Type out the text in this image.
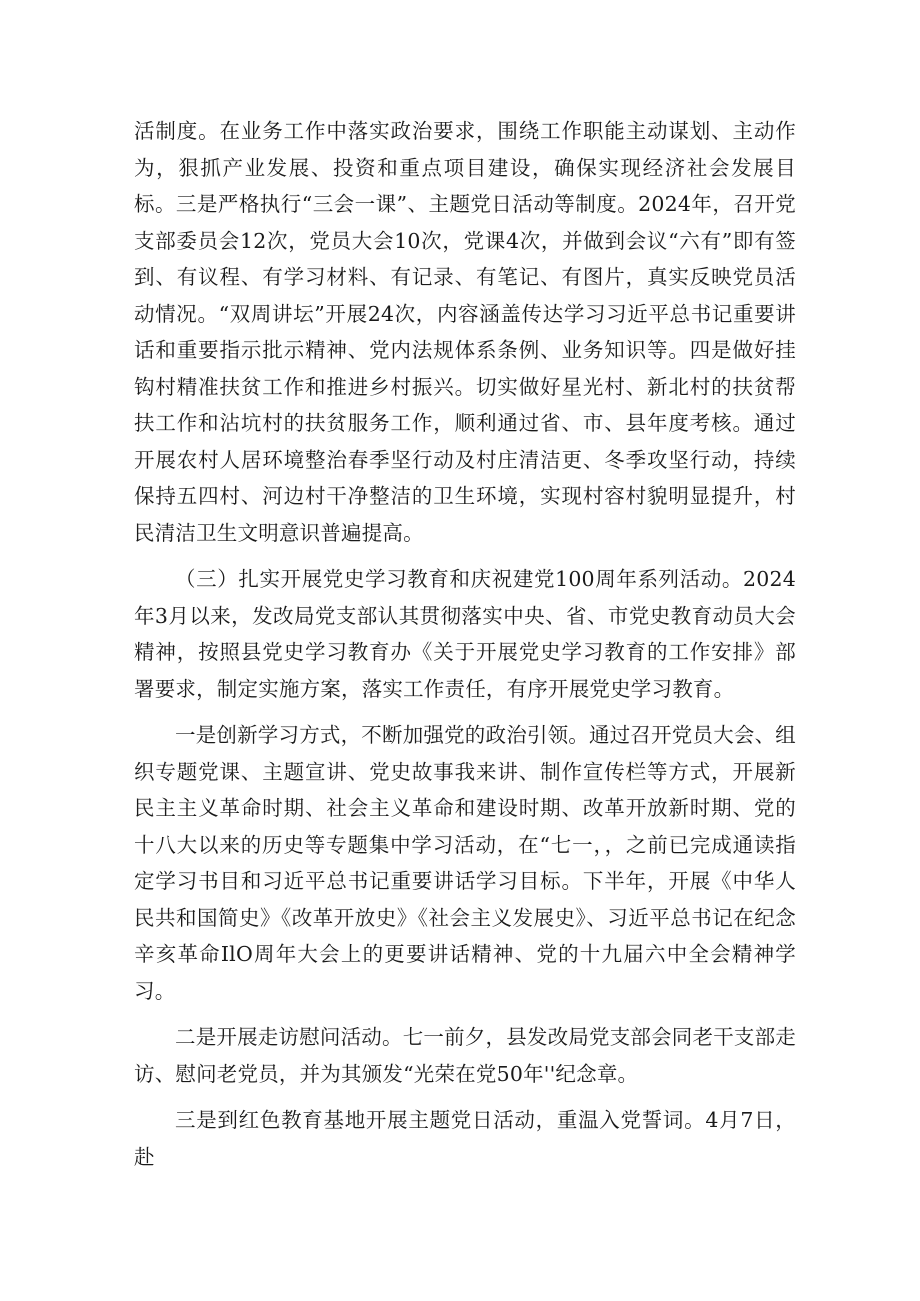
活制度。在业务工作中落实政治要求，围绕工作职能主动谋划、主动作为，狠抓产业发展、投资和重点项目建设，确保实现经济社会发展目标。三是严格执行“三会一课”、主题党日活动等制度。2024年，召开党支部委员会12次，党员大会10次，党课4次，并做到会议“六有”即有签到、有议程、有学习材料、有记录、有笔记、有图片，真实反映党员活动情况。“双周讲坛”开展24次，内容涵盖传达学习习近平总书记重要讲话和重要指示批示精神、党内法规体系条例、业务知识等。四是做好挂钩村精准扶贫工作和推进乡村振兴。切实做好星光村、新北村的扶贫帮扶工作和沾坑村的扶贫服务工作，顺利通过省、市、县年度考核。通过开展农村人居环境整治春季坚行动及村庄清洁更、冬季攻坚行动，持续保持五四村、河边村干净整洁的卫生环境，实现村容村貌明显提升，村民清洁卫生文明意识普遍提高。

（三）扎实开展党史学习教育和庆祝建党100周年系列活动。2024年3月以来，发改局党支部认其贯彻落实中央、省、市党史教育动员大会精神，按照县党史学习教育办《关于开展党史学习教育的工作安排》部署要求，制定实施方案，落实工作责任，有序开展党史学习教育。

一是创新学习方式，不断加强党的政治引领。通过召开党员大会、组织专题党课、主题宣讲、党史故事我来讲、制作宣传栏等方式，开展新民主主义革命时期、社会主义革命和建设时期、改革开放新时期、党的十八大以来的历史等专题集中学习活动，在“七一，，之前已完成通读指定学习书目和习近平总书记重要讲话学习目标。下半年，开展《中华人民共和国简史》《改革开放史》《社会主义发展史》、习近平总书记在纪念辛亥革命IlO周年大会上的更要讲话精神、党的十九届六中全会精神学习。

二是开展走访慰问活动。七一前夕，县发改局党支部会同老干支部走访、慰问老党员，并为其颁发“光荣在党50年''纪念章。

三是到红色教育基地开展主题党日活动，重温入党誓词。4月7日，赴
